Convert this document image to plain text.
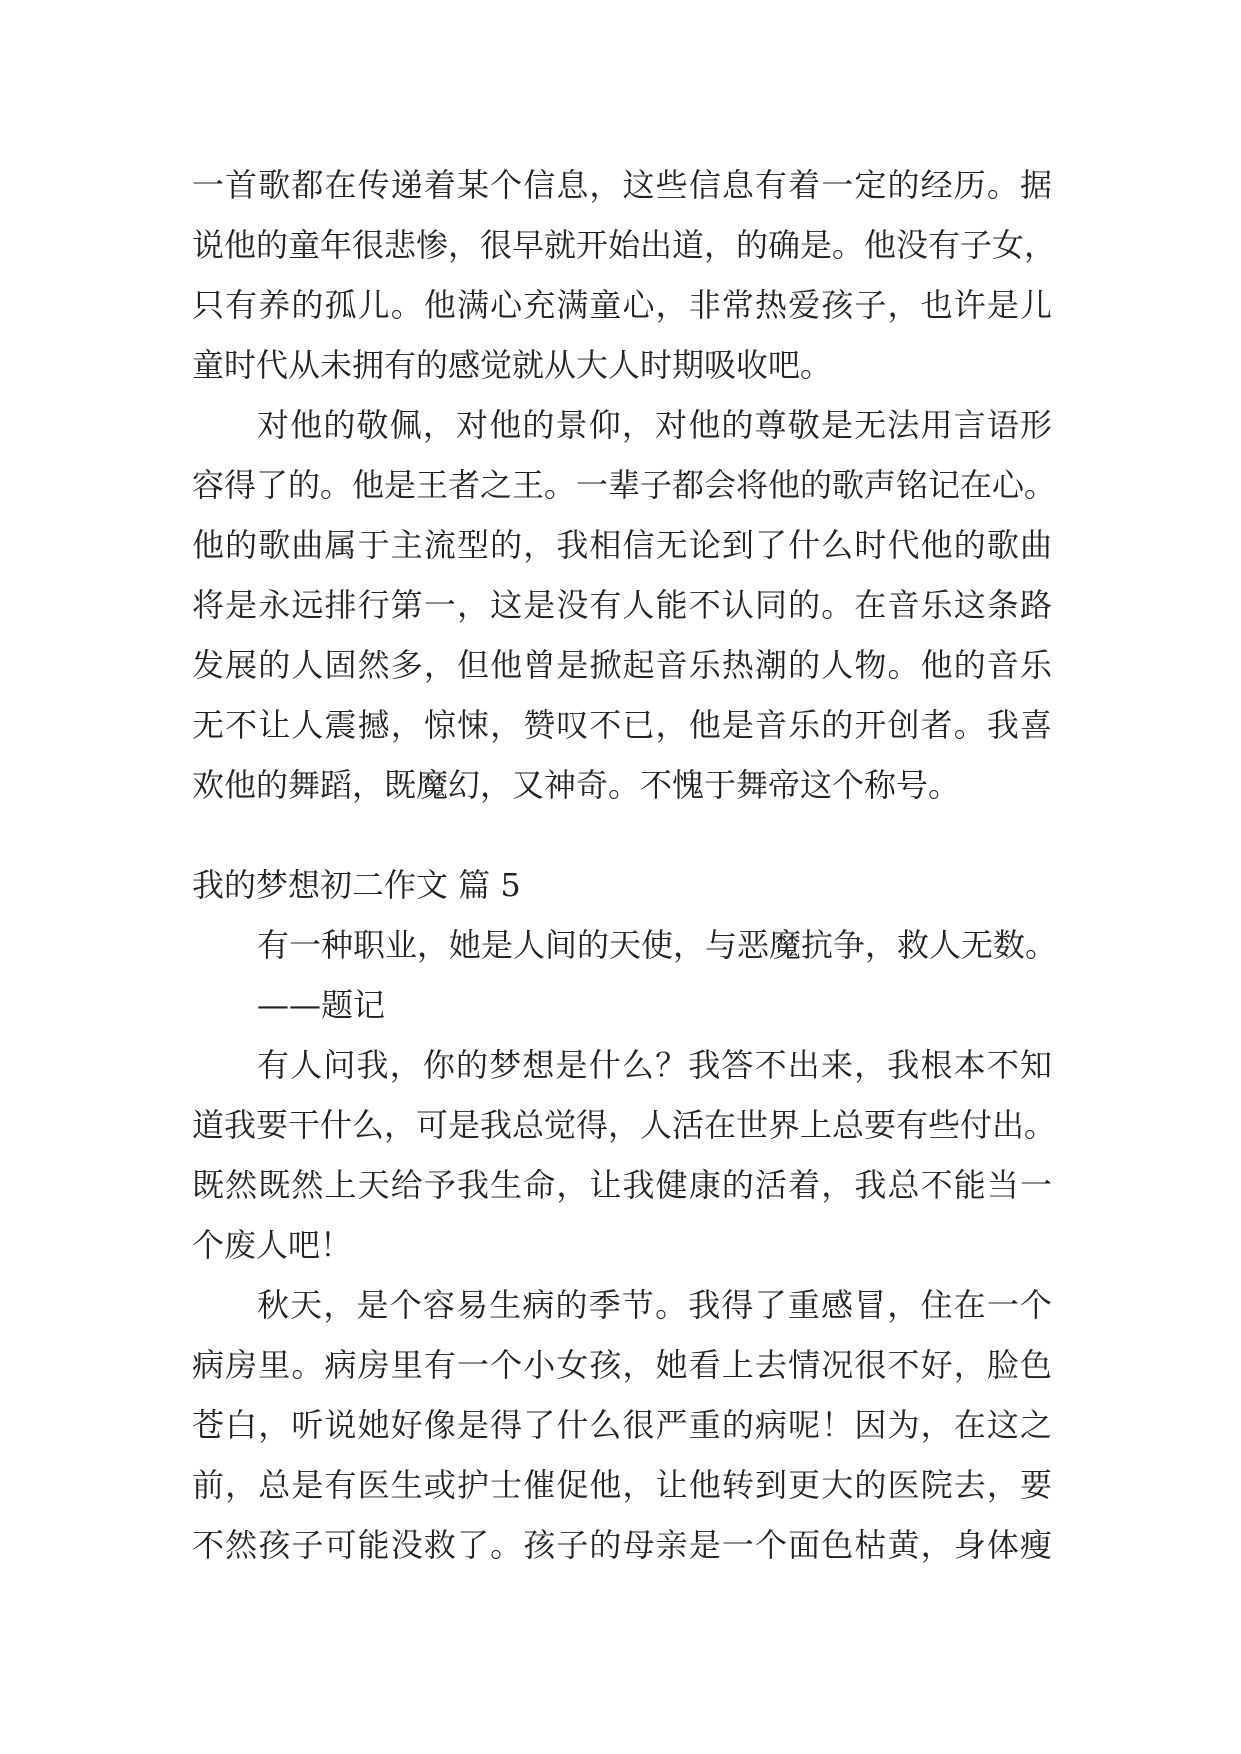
一首歌都在传递着某个信息，这些信息有着一定的经历。据

说他的童年很悲惨，很早就开始出道，的确是。他没有子女，

只有养的孤儿。他满心充满童心，非常热爱孩子，也许是儿

童时代从未拥有的感觉就从大人时期吸收吧。

对他的敬佩，对他的景仰，对他的尊敬是无法用言语形

容得了的。他是王者之王。一辈子都会将他的歌声铭记在心。

他的歌曲属于主流型的，我相信无论到了什么时代他的歌曲

将是永远排行第一，这是没有人能不认同的。在音乐这条路

发展的人固然多，但他曾是掀起音乐热潮的人物。他的音乐

无不让人震撼，惊悚，赞叹不已，他是音乐的开创者。我喜

欢他的舞蹈，既魔幻，又神奇。不愧于舞帝这个称号。

我的梦想初二作文 篇 5

有一种职业，她是人间的天使，与恶魔抗争，救人无数。

——题记

有人问我，你的梦想是什么？我答不出来，我根本不知

道我要干什么，可是我总觉得，人活在世界上总要有些付出。

既然既然上天给予我生命，让我健康的活着，我总不能当一

个废人吧！

秋天，是个容易生病的季节。我得了重感冒，住在一个

病房里。病房里有一个小女孩，她看上去情况很不好，脸色

苍白，听说她好像是得了什么很严重的病呢！因为，在这之

前，总是有医生或护士催促他，让他转到更大的医院去，要

不然孩子可能没救了。孩子的母亲是一个面色枯黄，身体瘦
